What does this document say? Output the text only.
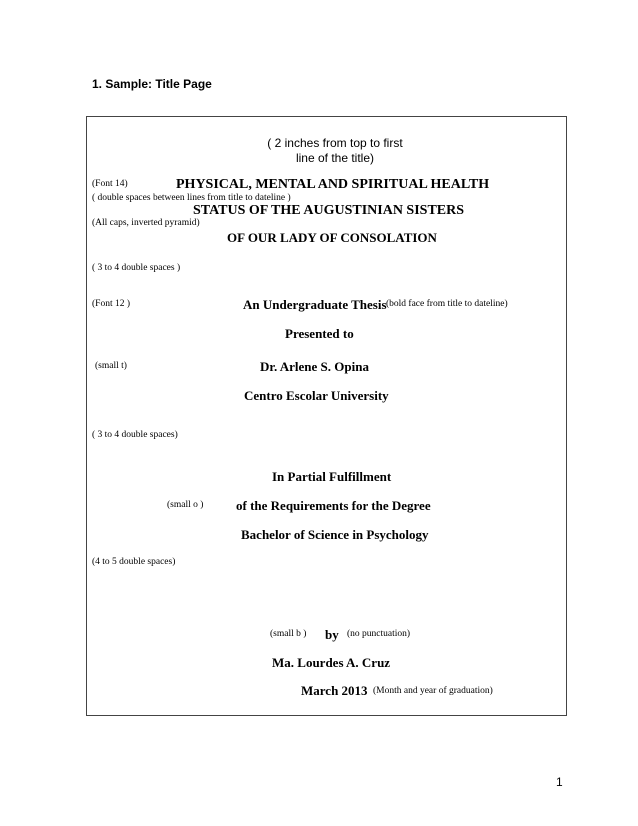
1. Sample: Title Page
( 2 inches from top to first
line of the title)
(Font 14)	PHYSICAL, MENTAL AND SPIRITUAL HEALTH
( double spaces between lines from title to dateline )
STATUS OF THE AUGUSTINIAN SISTERS
(All caps, inverted pyramid)
OF OUR LADY OF CONSOLATION
( 3 to 4 double spaces )
(Font 12 )	An Undergraduate Thesis (bold face from title to dateline)
Presented to
(small t)	Dr. Arlene S. Opina
Centro Escolar University
( 3 to 4 double spaces)
In Partial Fulfillment
(small o )	of the Requirements for the Degree
Bachelor of Science in Psychology
(4 to 5 double spaces)
(small b ) by (no punctuation)
Ma. Lourdes A. Cruz
March 2013 (Month and year of graduation)
1
